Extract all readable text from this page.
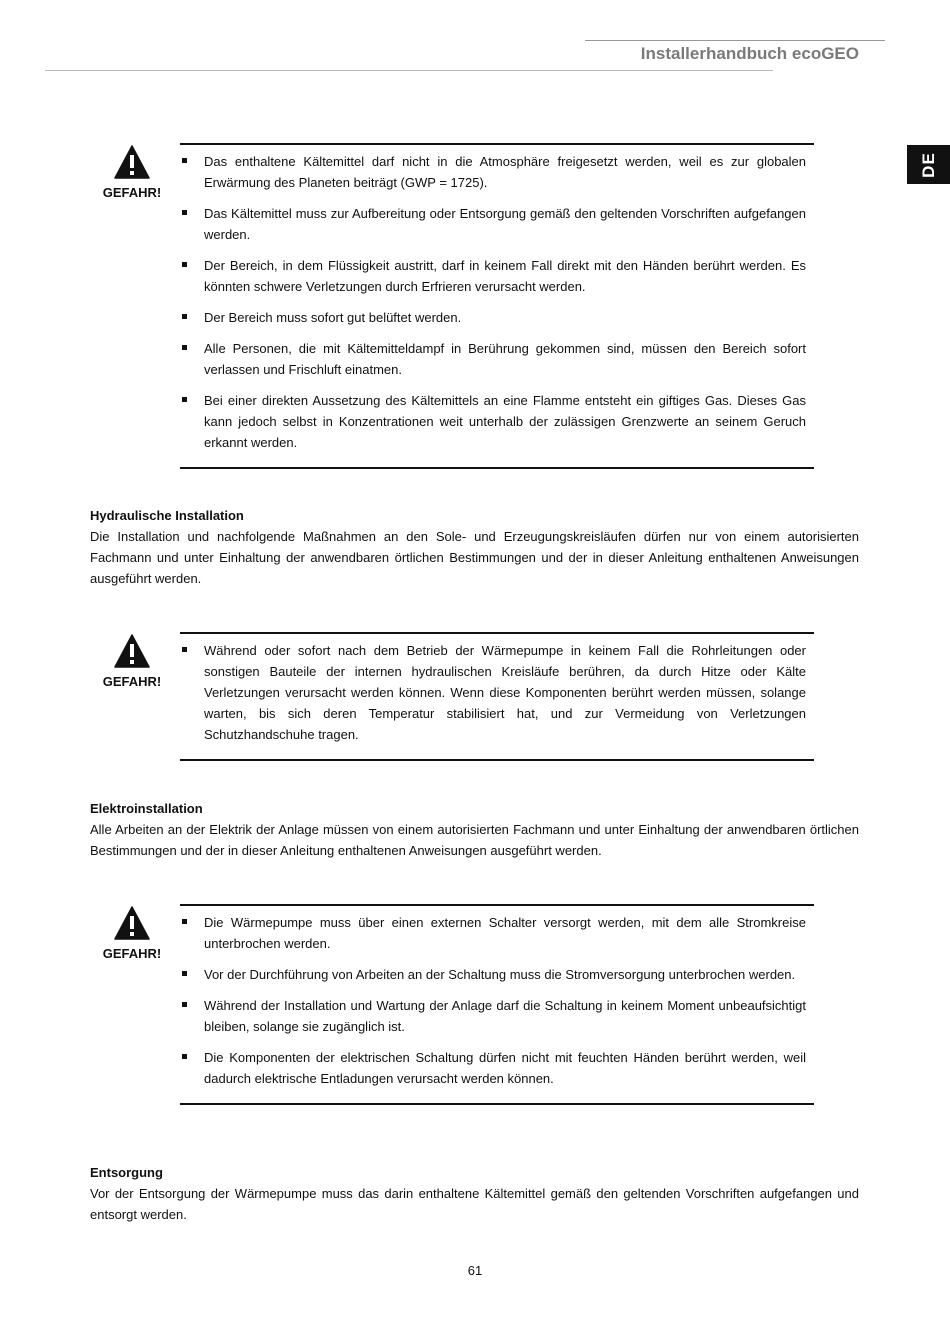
Installerhandbuch ecoGEO
DE
GEFAHR!
Das enthaltene Kältemittel darf nicht in die Atmosphäre freigesetzt werden, weil es zur globalen Erwärmung des Planeten beiträgt (GWP = 1725).
Das Kältemittel muss zur Aufbereitung oder Entsorgung gemäß den geltenden Vorschriften aufgefangen werden.
Der Bereich, in dem Flüssigkeit austritt, darf in keinem Fall direkt mit den Händen berührt werden. Es könnten schwere Verletzungen durch Erfrieren verursacht werden.
Der Bereich muss sofort gut belüftet werden.
Alle Personen, die mit Kältemitteldampf in Berührung gekommen sind, müssen den Bereich sofort verlassen und Frischluft einatmen.
Bei einer direkten Aussetzung des Kältemittels an eine Flamme entsteht ein giftiges Gas. Dieses Gas kann jedoch selbst in Konzentrationen weit unterhalb der zulässigen Grenzwerte an seinem Geruch erkannt werden.
Hydraulische Installation

Die Installation und nachfolgende Maßnahmen an den Sole- und Erzeugungskreisläufen dürfen nur von einem autorisierten Fachmann und unter Einhaltung der anwendbaren örtlichen Bestimmungen und der in dieser Anleitung enthaltenen Anweisungen ausgeführt werden.

GEFAHR!
Während oder sofort nach dem Betrieb der Wärmepumpe in keinem Fall die Rohrleitungen oder sonstigen Bauteile der internen hydraulischen Kreisläufe berühren, da durch Hitze oder Kälte Verletzungen verursacht werden können. Wenn diese Komponenten berührt werden müssen, solange warten, bis sich deren Temperatur stabilisiert hat, und zur Vermeidung von Verletzungen Schutzhandschuhe tragen.
Elektroinstallation

Alle Arbeiten an der Elektrik der Anlage müssen von einem autorisierten Fachmann und unter Einhaltung der anwendbaren örtlichen Bestimmungen und der in dieser Anleitung enthaltenen Anweisungen ausgeführt werden.

GEFAHR!
Die Wärmepumpe muss über einen externen Schalter versorgt werden, mit dem alle Stromkreise unterbrochen werden.
Vor der Durchführung von Arbeiten an der Schaltung muss die Stromversorgung unterbrochen werden.
Während der Installation und Wartung der Anlage darf die Schaltung in keinem Moment unbeaufsichtigt bleiben, solange sie zugänglich ist.
Die Komponenten der elektrischen Schaltung dürfen nicht mit feuchten Händen berührt werden, weil dadurch elektrische Entladungen verursacht werden können.
Entsorgung

Vor der Entsorgung der Wärmepumpe muss das darin enthaltene Kältemittel gemäß den geltenden Vorschriften aufgefangen und entsorgt werden.

61
